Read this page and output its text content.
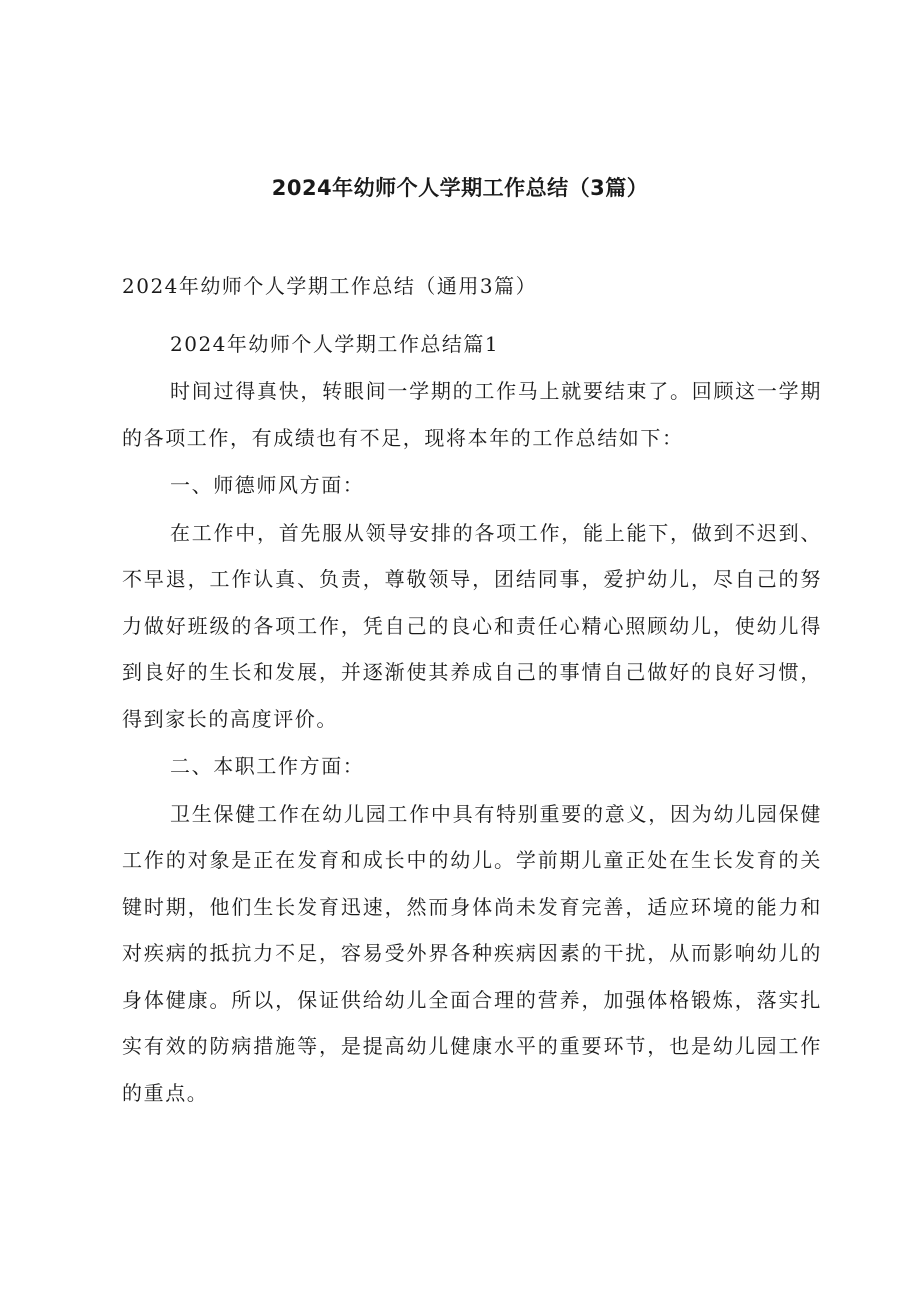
2024年幼师个人学期工作总结（3篇）

2024年幼师个人学期工作总结（通用3篇）

2024年幼师个人学期工作总结篇1

时间过得真快，转眼间一学期的工作马上就要结束了。回顾这一学期的各项工作，有成绩也有不足，现将本年的工作总结如下：

一、师德师风方面：

在工作中，首先服从领导安排的各项工作，能上能下，做到不迟到、不早退，工作认真、负责，尊敬领导，团结同事，爱护幼儿，尽自己的努力做好班级的各项工作，凭自己的良心和责任心精心照顾幼儿，使幼儿得到良好的生长和发展，并逐渐使其养成自己的事情自己做好的良好习惯，得到家长的高度评价。

二、本职工作方面：

卫生保健工作在幼儿园工作中具有特别重要的意义，因为幼儿园保健工作的对象是正在发育和成长中的幼儿。学前期儿童正处在生长发育的关键时期，他们生长发育迅速，然而身体尚未发育完善，适应环境的能力和对疾病的抵抗力不足，容易受外界各种疾病因素的干扰，从而影响幼儿的身体健康。所以，保证供给幼儿全面合理的营养，加强体格锻炼，落实扎实有效的防病措施等，是提高幼儿健康水平的重要环节，也是幼儿园工作的重点。
